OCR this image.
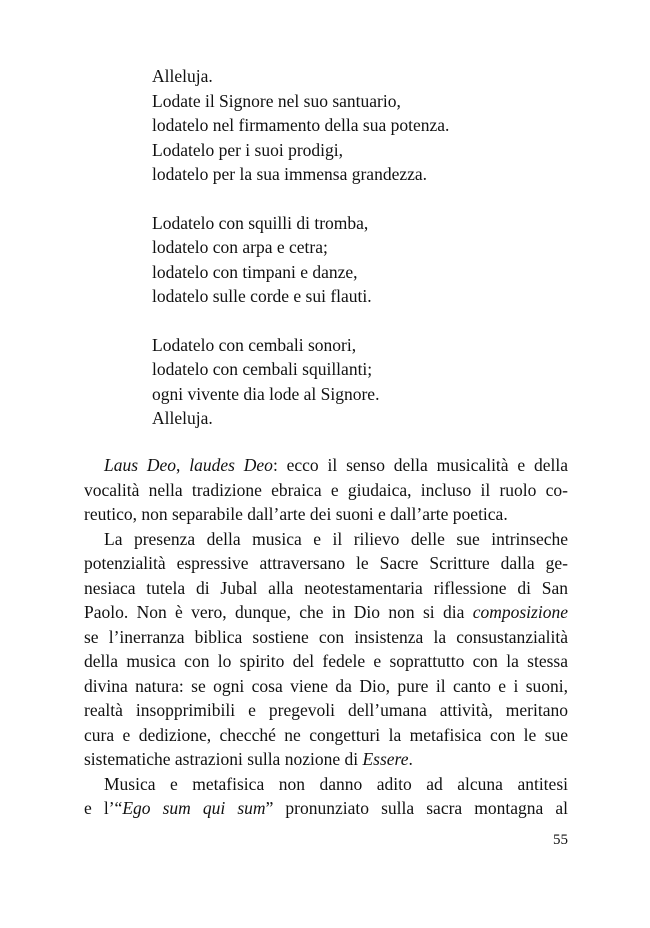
Alleluja.
Lodate il Signore nel suo santuario,
lodatelo nel firmamento della sua potenza.
Lodatelo per i suoi prodigi,
lodatelo per la sua immensa grandezza.
Lodatelo con squilli di tromba,
lodatelo con arpa e cetra;
lodatelo con timpani e danze,
lodatelo sulle corde e sui flauti.
Lodatelo con cembali sonori,
lodatelo con cembali squillanti;
ogni vivente dia lode al Signore.
Alleluja.
Laus Deo, laudes Deo: ecco il senso della musicalità e della
vocalità nella tradizione ebraica e giudaica, incluso il ruolo co-
reutico, non separabile dall’arte dei suoni e dall’arte poetica.
La presenza della musica e il rilievo delle sue intrinseche
potenzialità espressive attraversano le Sacre Scritture dalla ge-
nesiaca tutela di Jubal alla neotestamentaria riflessione di San
Paolo. Non è vero, dunque, che in Dio non si dia composizione
se l’inerranza biblica sostiene con insistenza la consustanzialità
della musica con lo spirito del fedele e soprattutto con la stessa
divina natura: se ogni cosa viene da Dio, pure il canto e i suoni,
realtà insopprimibili e pregevoli dell’umana attività, meritano
cura e dedizione, checché ne congetturi la metafisica con le sue
sistematiche astrazioni sulla nozione di Essere.
Musica e metafisica non danno adito ad alcuna antitesi
e l’“Ego sum qui sum” pronunziato sulla sacra montagna al
55
